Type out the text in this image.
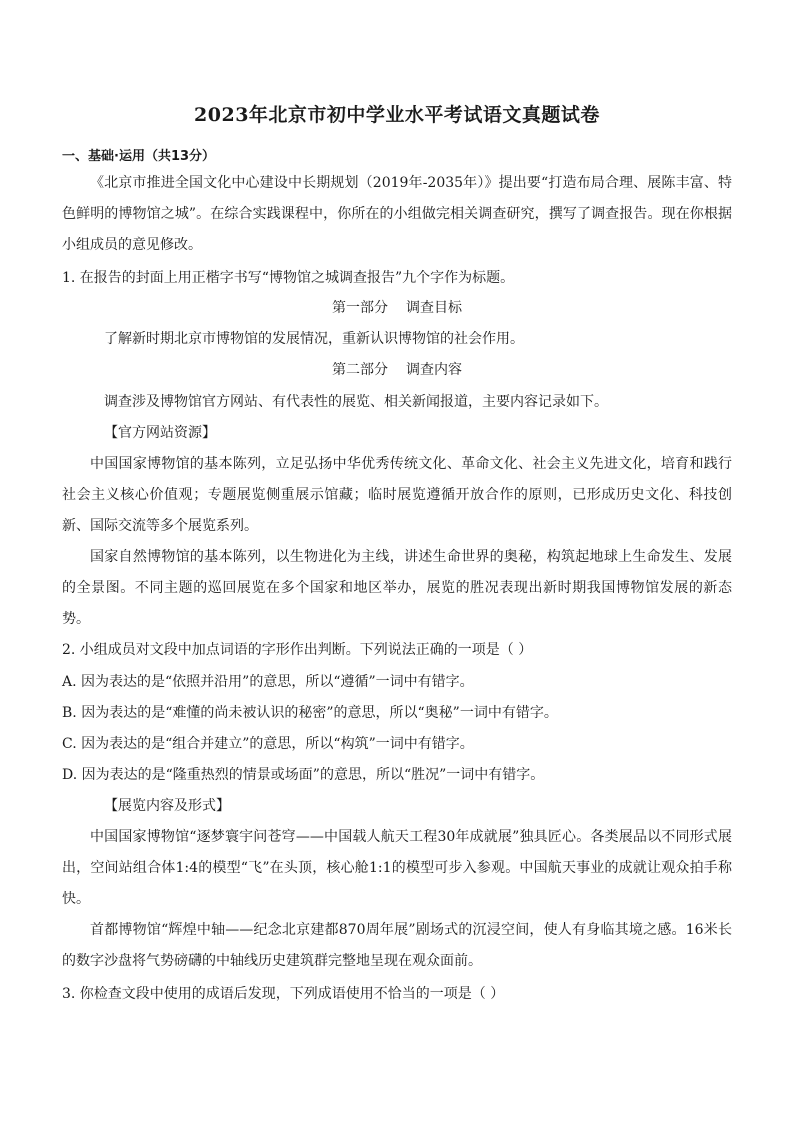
2023年北京市初中学业水平考试语文真题试卷
一、基础·运用（共13分）

《北京市推进全国文化中心建设中长期规划（2019年-2035年）》提出要“打造布局合理、展陈丰富、特色鲜明的博物馆之城”。在综合实践课程中，你所在的小组做完相关调查研究，撰写了调查报告。现在你根据小组成员的意见修改。

1. 在报告的封面上用正楷字书写“博物馆之城调查报告”九个字作为标题。
第一部分 调查目标
了解新时期北京市博物馆的发展情况，重新认识博物馆的社会作用。
第二部分 调查内容
调查涉及博物馆官方网站、有代表性的展览、相关新闻报道，主要内容记录如下。
【官方网站资源】

中国国家博物馆的基本陈列，立足弘扬中华优秀传统文化、革命文化、社会主义先进文化，培育和践行社会主义核心价值观；专题展览侧重展示馆藏；临时展览遵循开放合作的原则，已形成历史文化、科技创新、国际交流等多个展览系列。

国家自然博物馆的基本陈列，以生物进化为主线，讲述生命世界的奥秘，构筑起地球上生命发生、发展的全景图。不同主题的巡回展览在多个国家和地区举办，展览的胜况表现出新时期我国博物馆发展的新态势。

2. 小组成员对文段中加点词语的字形作出判断。下列说法正确的一项是（ ）
A. 因为表达的是“依照并沿用”的意思，所以“遵循”一词中有错字。
B. 因为表达的是“难懂的尚未被认识的秘密”的意思，所以“奥秘”一词中有错字。
C. 因为表达的是“组合并建立”的意思，所以“构筑”一词中有错字。
D. 因为表达的是“隆重热烈的情景或场面”的意思，所以“胜况”一词中有错字。
【展览内容及形式】

中国国家博物馆“逐梦寰宇问苍穹——中国载人航天工程30年成就展”独具匠心。各类展品以不同形式展出，空间站组合体1:4的模型“飞”在头顶，核心舱1:1的模型可步入参观。中国航天事业的成就让观众拍手称快。

首都博物馆“辉煌中轴——纪念北京建都870周年展”剧场式的沉浸空间，使人有身临其境之感。16米长的数字沙盘将气势磅礴的中轴线历史建筑群完整地呈现在观众面前。

3. 你检查文段中使用的成语后发现，下列成语使用不恰当的一项是（ ）
